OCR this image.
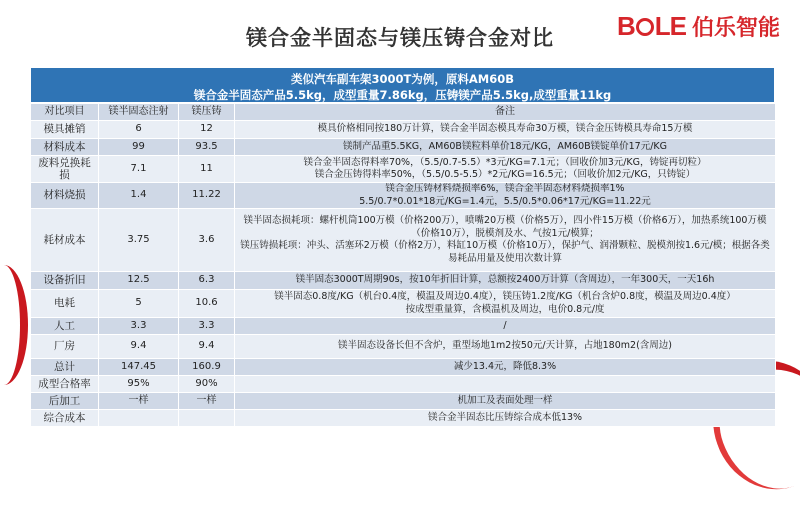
镁合金半固态与镁压铸合金对比	B LE 伯乐智能
类似汽车副车架3000T为例，原料AM60B
镁合金半固态产品5.5kg，成型重量7.86kg，压铸镁产品5.5kg,成型重量11kg
对比项目	镁半固态注射	镁压铸	备注
模具摊销	6	12	模具价格相同按180万计算，镁合金半固态模具寿命30万模，镁合金压铸模具寿命15万模
材料成本	99	93.5	镁制产品重5.5KG，AM60B镁粒料单价18元/KG，AM60B镁锭单价17元/KG
废料兑换耗损	7.1	11	镁合金半固态得料率70%，（5.5/0.7-5.5）*3元/KG=7.1元；（回收价加3元/KG，铸锭再切粒）
镁合金压铸得料率50%，（5.5/0.5-5.5）*2元/KG=16.5元；（回收价加2元/KG，只铸锭）
材料烧损	1.4	11.22	镁合金压铸材料烧损率6%，镁合金半固态材料烧损率1%
5.5/0.7*0.01*18元/KG=1.4元，5.5/0.5*0.06*17元/KG=11.22元
耗材成本	3.75	3.6	镁半固态损耗项：螺杆机筒100万模（价格200万），喷嘴20万模（价格5万），四小件15万模（价格6万），加热系统100万模（价格10万），脱模剂及水、气按1元/模算；
镁压铸损耗项：冲头、活塞环2万模（价格2万），料缸10万模（价格10万），保护气、润滑颗粒、脱模剂按1.6元/模；根据各类易耗品用量及使用次数计算
设备折旧	12.5	6.3	镁半固态3000T周期90s，按10年折旧计算，总额按2400万计算（含周边），一年300天，一天16h
电耗	5	10.6	镁半固态0.8度/KG（机台0.4度，模温及周边0.4度），镁压铸1.2度/KG（机台含炉0.8度，模温及周边0.4度）
按成型重量算，含模温机及周边，电价0.8元/度
人工	3.3	3.3	/
厂房	9.4	9.4	镁半固态设备长但不含炉，重型场地1m2按50元/天计算，占地180m2(含周边)
总计	147.45	160.9	减少13.4元，降低8.3%
成型合格率	95%	90%	
后加工	一样	一样	机加工及表面处理一样
综合成本			镁合金半固态比压铸综合成本低13%
